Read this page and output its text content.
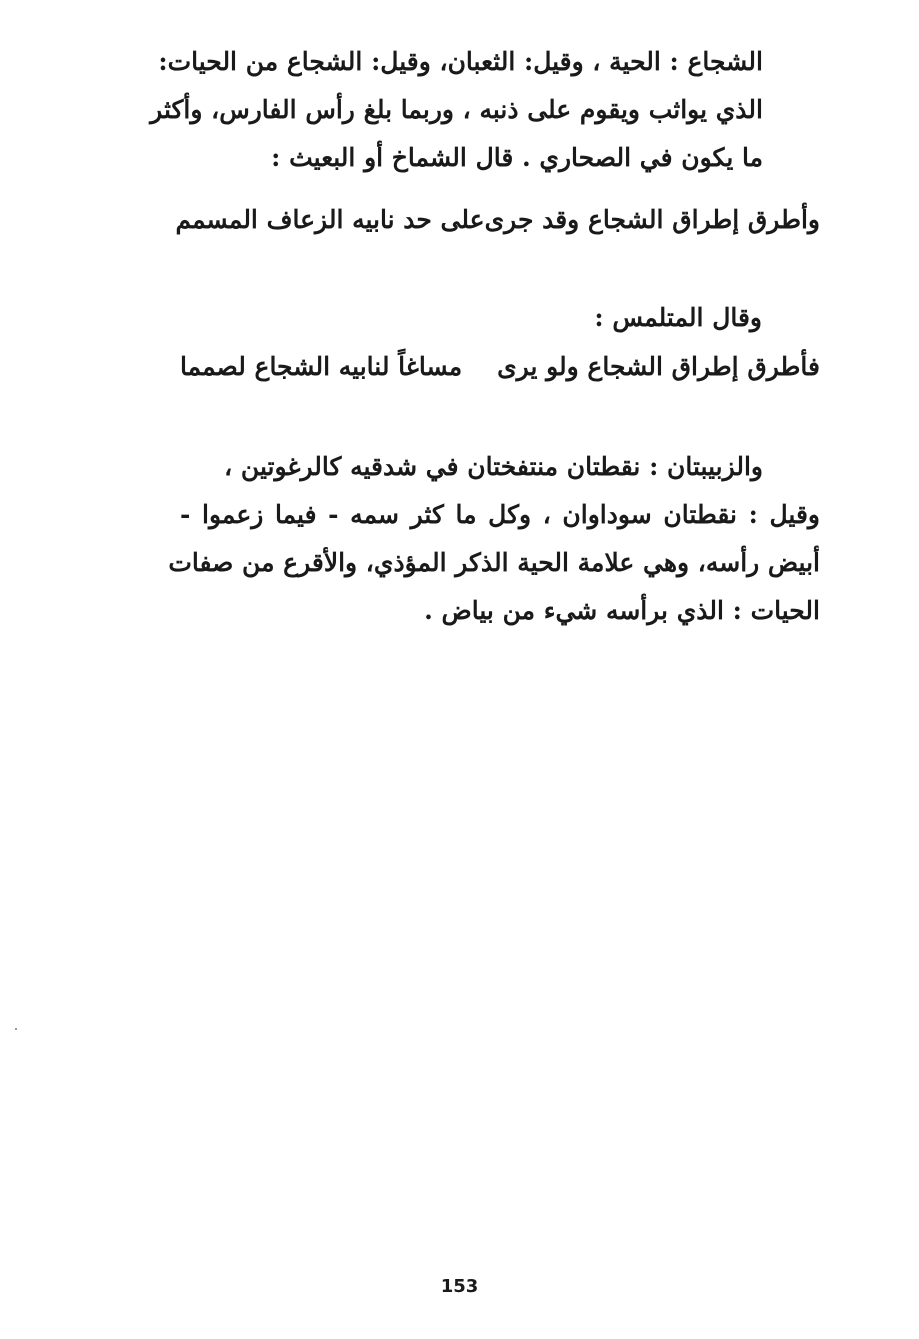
الشجاع : الحية ، وقيل: الثعبان، وقيل: الشجاع من الحيات:
الذي يواثب ويقوم على ذنبه ، وربما بلغ رأس الفارس، وأكثر
ما يكون في الصحاري . قال الشماخ أو البعيث :
وأطرق إطراق الشجاع وقد جرى
على حد نابيه الزعاف المسمم
وقال المتلمس :
فأطرق إطراق الشجاع ولو يرى
مساغاً لنابيه الشجاع لصمما
والزبيبتان : نقطتان منتفختان في شدقيه كالرغوتين ،
وقيل : نقطتان سوداوان ، وكل ما كثر سمه - فيما زعموا -
أبيض رأسه، وهي علامة الحية الذكر المؤذي، والأقرع من صفات
الحيات : الذي برأسه شيء من بياض .
153
